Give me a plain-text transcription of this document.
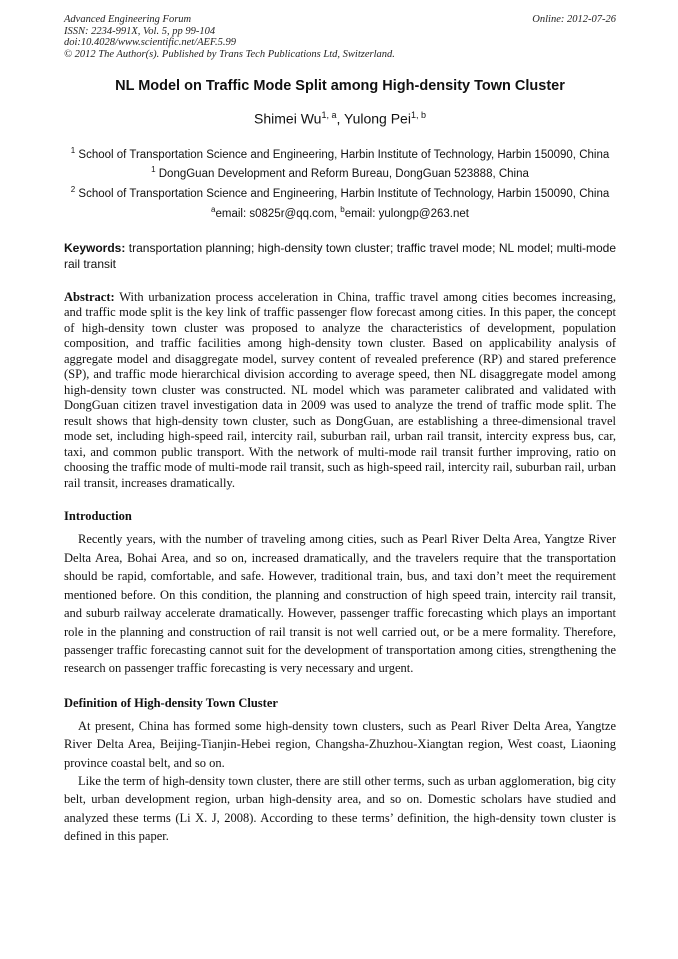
Advanced Engineering Forum
ISSN: 2234-991X, Vol. 5, pp 99-104
doi:10.4028/www.scientific.net/AEF.5.99
© 2012 The Author(s). Published by Trans Tech Publications Ltd, Switzerland.
Online: 2012-07-26
NL Model on Traffic Mode Split among High-density Town Cluster
Shimei Wu$^{1, a}$, Yulong Pei$^{1, b}$
$^1$ School of Transportation Science and Engineering, Harbin Institute of Technology, Harbin 150090, China
$^1$ DongGuan Development and Reform Bureau, DongGuan 523888, China
$^2$ School of Transportation Science and Engineering, Harbin Institute of Technology, Harbin 150090, China
$^a$email: s0825r@qq.com, $^b$email: yulongp@263.net
Keywords: transportation planning; high-density town cluster; traffic travel mode; NL model; multi-mode rail transit
Abstract: With urbanization process acceleration in China, traffic travel among cities becomes increasing, and traffic mode split is the key link of traffic passenger flow forecast among cities. In this paper, the concept of high-density town cluster was proposed to analyze the characteristics of development, population composition, and traffic facilities among high-density town cluster. Based on applicability analysis of aggregate model and disaggregate model, survey content of revealed preference (RP) and stared preference (SP), and traffic mode hierarchical division according to average speed, then NL disaggregate model among high-density town cluster was constructed. NL model which was parameter calibrated and validated with DongGuan citizen travel investigation data in 2009 was used to analyze the trend of traffic mode split. The result shows that high-density town cluster, such as DongGuan, are establishing a three-dimensional travel mode set, including high-speed rail, intercity rail, suburban rail, urban rail transit, intercity express bus, car, taxi, and common public transport. With the network of multi-mode rail transit further improving, ratio on choosing the traffic mode of multi-mode rail transit, such as high-speed rail, intercity rail, suburban rail, urban rail transit, increases dramatically.
Introduction

Recently years, with the number of traveling among cities, such as Pearl River Delta Area, Yangtze River Delta Area, Bohai Area, and so on, increased dramatically, and the travelers require that the transportation should be rapid, comfortable, and safe. However, traditional train, bus, and taxi don’t meet the requirement mentioned before. On this condition, the planning and construction of high speed train, intercity rail transit, and suburb railway accelerate dramatically. However, passenger traffic forecasting which plays an important role in the planning and construction of rail transit is not well carried out, or be a mere formality. Therefore, passenger traffic forecasting cannot suit for the development of transportation among cities, strengthening the research on passenger traffic forecasting is very necessary and urgent.

Definition of High-density Town Cluster

At present, China has formed some high-density town clusters, such as Pearl River Delta Area, Yangtze River Delta Area, Beijing-Tianjin-Hebei region, Changsha-Zhuzhou-Xiangtan region, West coast, Liaoning province coastal belt, and so on.

Like the term of high-density town cluster, there are still other terms, such as urban agglomeration, big city belt, urban development region, urban high-density area, and so on. Domestic scholars have studied and analyzed these terms (Li X. J, 2008). According to these terms’ definition, the high-density town cluster is defined in this paper.
